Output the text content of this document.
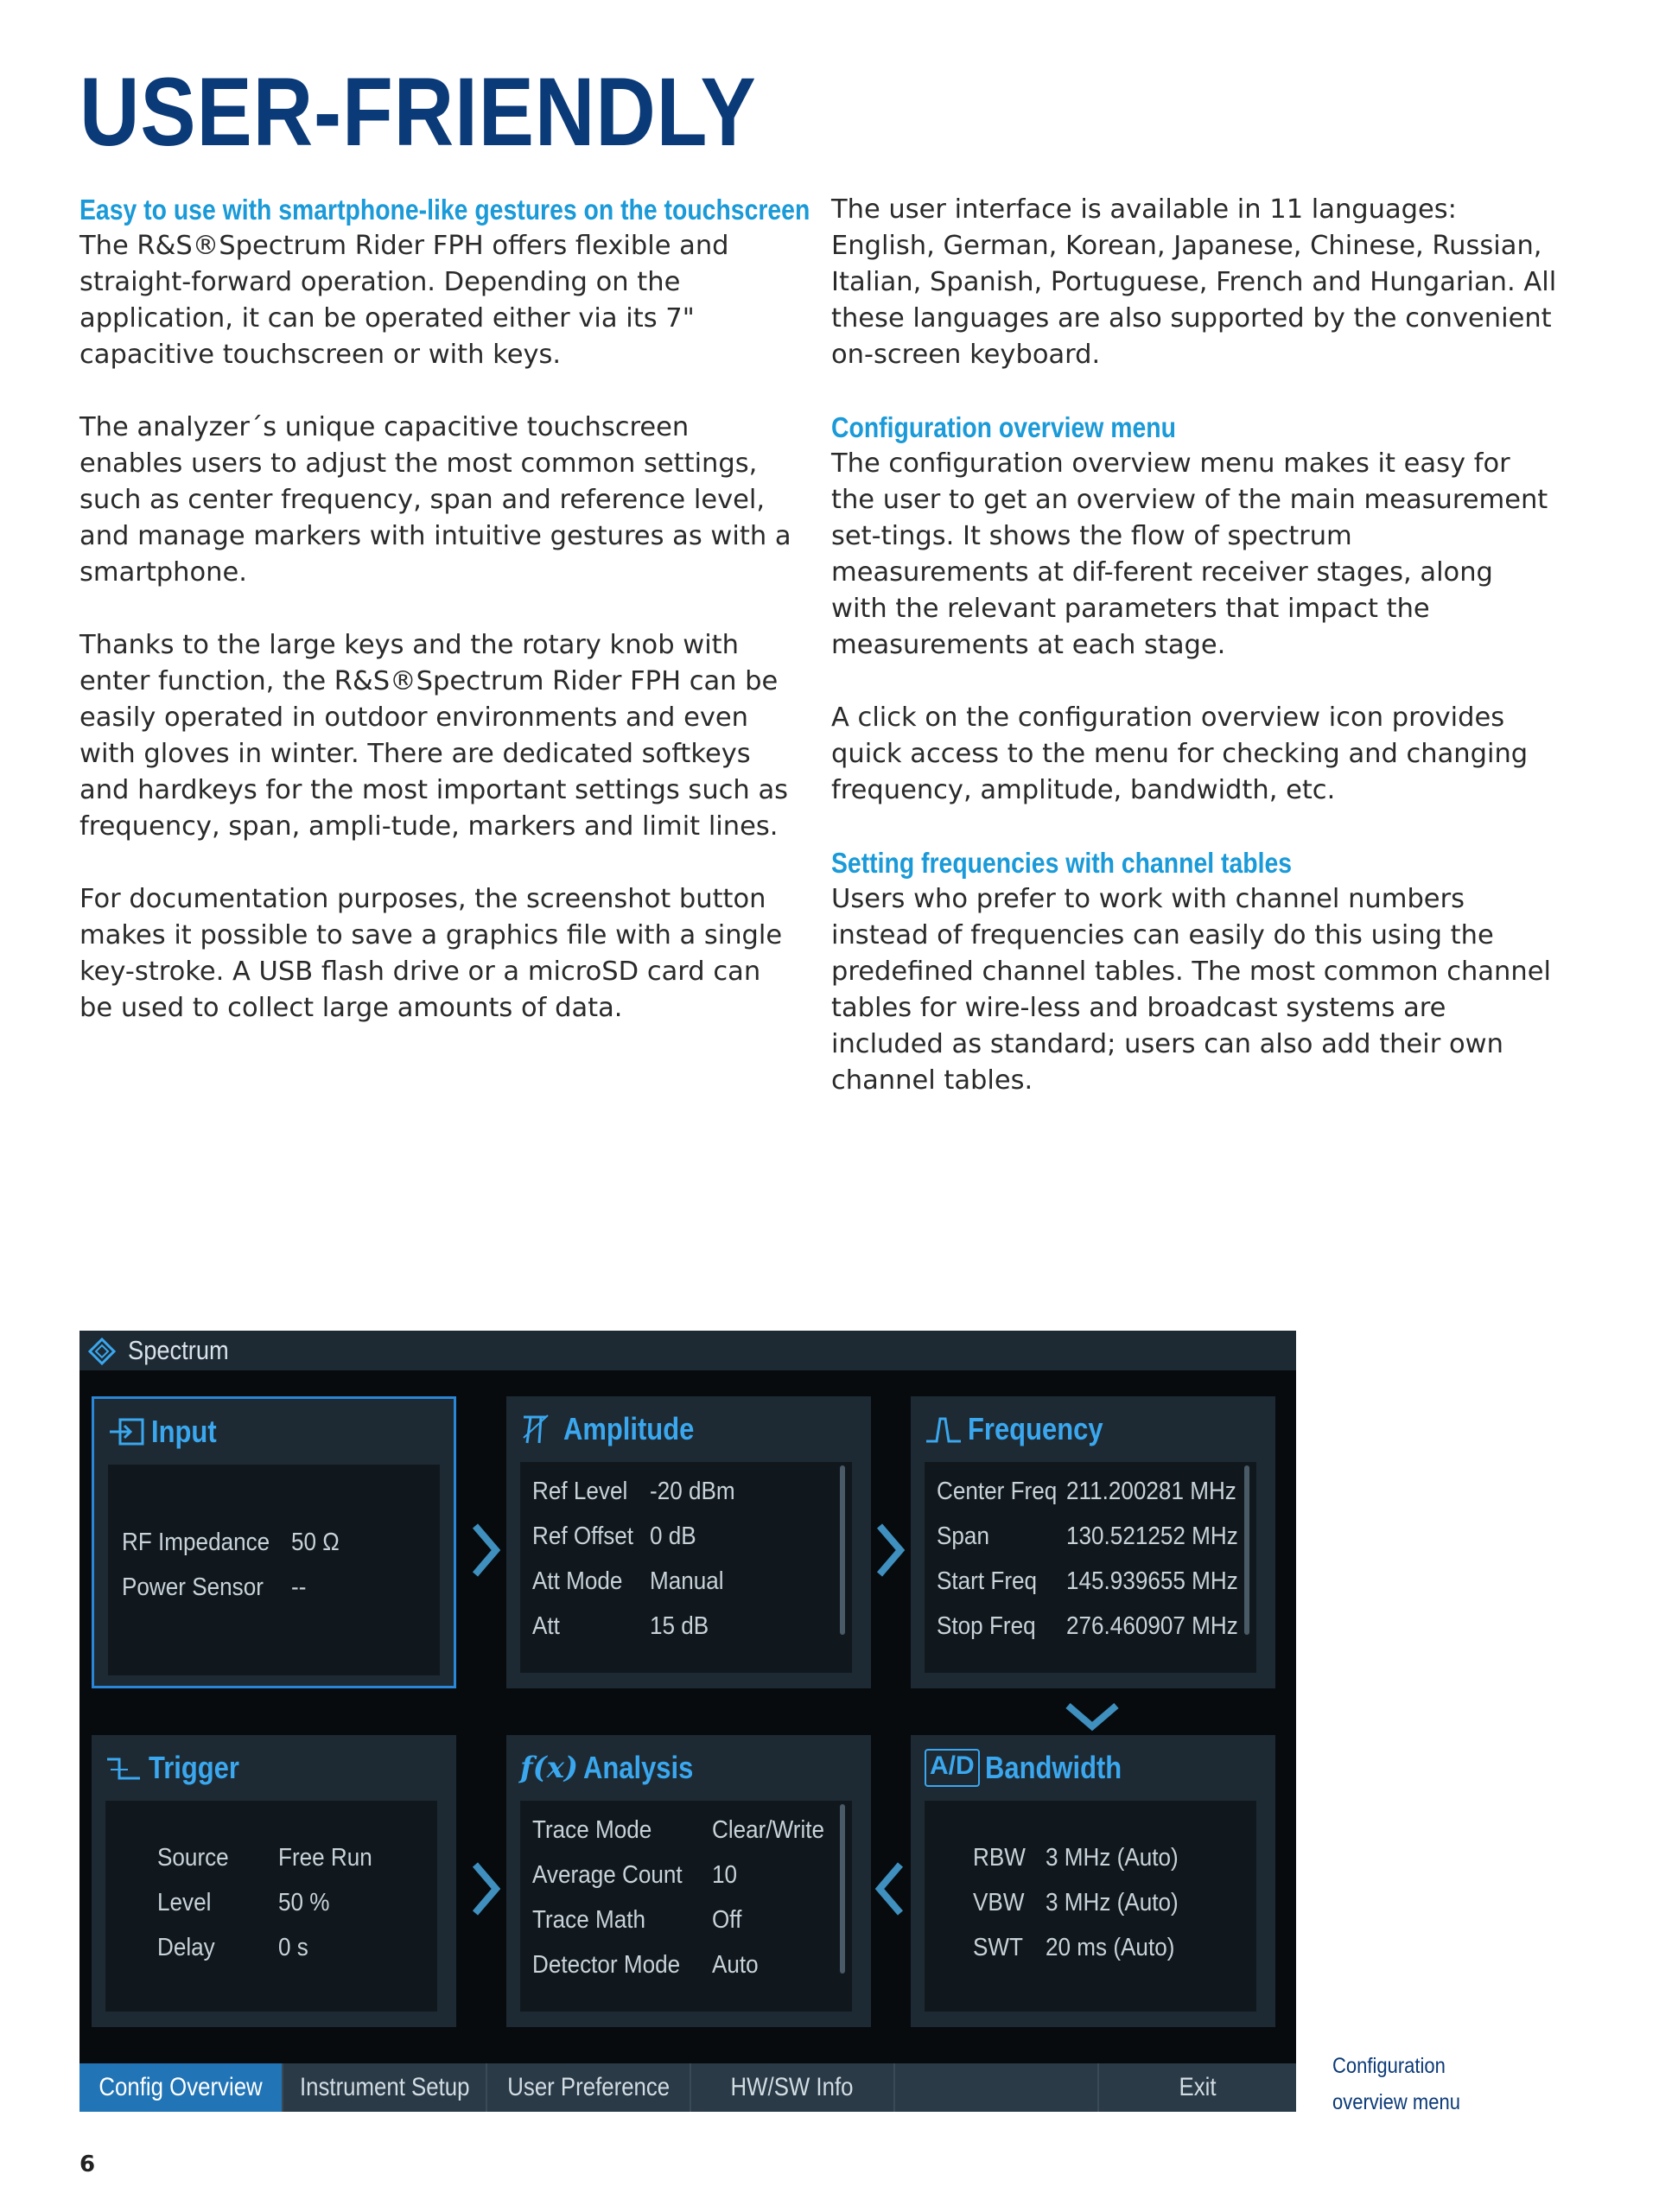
USER-FRIENDLY
Easy to use with smartphone-like gestures on the touchscreen

The R&S®Spectrum Rider FPH offers flexible and straight-forward operation. Depending on the application, it can be operated either via its 7" capacitive touchscreen or with keys.

The analyzer´s unique capacitive touchscreen enables users to adjust the most common settings, such as center frequency, span and reference level, and manage markers with intuitive gestures as with a smartphone.

Thanks to the large keys and the rotary knob with enter function, the R&S®Spectrum Rider FPH can be easily operated in outdoor environments and even with gloves in winter. There are dedicated softkeys and hardkeys for the most important settings such as frequency, span, ampli-tude, markers and limit lines.

For documentation purposes, the screenshot button makes it possible to save a graphics file with a single key-stroke. A USB flash drive or a microSD card can be used to collect large amounts of data.

The user interface is available in 11 languages: English, German, Korean, Japanese, Chinese, Russian, Italian, Spanish, Portuguese, French and Hungarian. All these languages are also supported by the convenient on-screen keyboard.

Configuration overview menu

The configuration overview menu makes it easy for the user to get an overview of the main measurement set-tings. It shows the flow of spectrum measurements at dif-ferent receiver stages, along with the relevant parameters that impact the measurements at each stage.

A click on the configuration overview icon provides quick access to the menu for checking and changing frequency, amplitude, bandwidth, etc.

Setting frequencies with channel tables

Users who prefer to work with channel numbers instead of frequencies can easily do this using the predefined channel tables. The most common channel tables for wire-less and broadcast systems are included as standard; users can also add their own channel tables.

Spectrum
Input
RF Impedance 50 Ω
Power Sensor --
Amplitude
Ref Level -20 dBm
Ref Offset 0 dB
Att Mode Manual
Att	15 dB
Frequency
Center Freq 211.200281 MHz
Span	130.521252 MHz
Start Freq 145.939655 MHz
Stop Freq 276.460907 MHz
Trigger
Source Free Run
Level	50 %
Delay	0 s
f(x) Analysis
Trace Mode Clear/Write
Average Count 10
Trace Math	Off
Detector Mode Auto
A/D Bandwidth
RBW 3 MHz (Auto)
VBW 3 MHz (Auto)
SWT 20 ms (Auto)
Config Overview	Instrument Setup	User Preference	HW/SW Info	Exit
Configuration
overview menu
6
